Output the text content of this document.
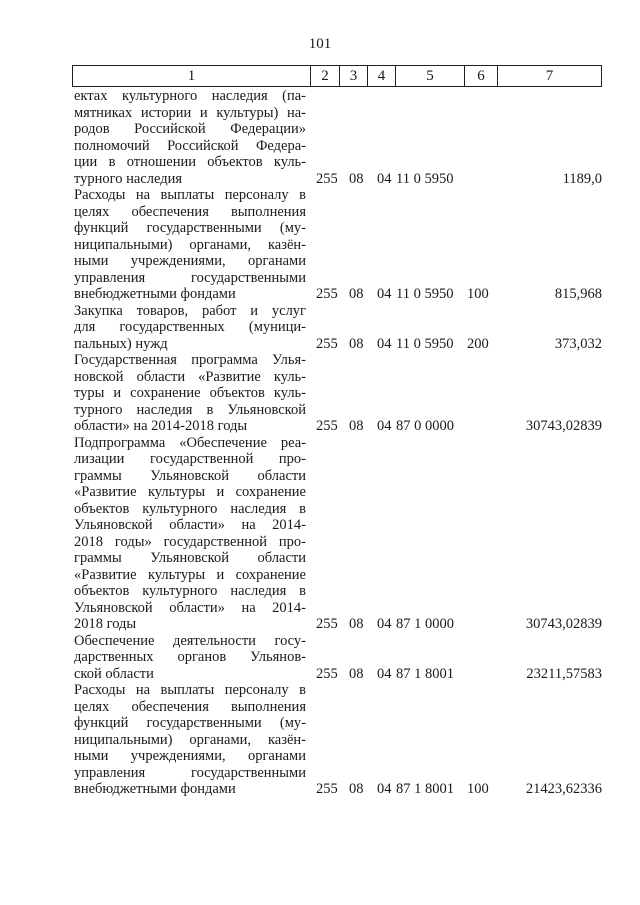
101
1	2	3	4	5	6	7
ектах культурного наследия (па-
мятниках истории и культуры) на-
родов Российской Федерации»
полномочий Российской Федера-
ции в отношении объектов куль-
турного наследия	255 08 04 11 0 5950	1189,0
Расходы на выплаты персоналу в
целях обеспечения выполнения
функций государственными (му-
ниципальными) органами, казён-
ными учреждениями, органами
управления государственными
внебюджетными фондами	255 08 04 11 0 5950 100	815,968
Закупка товаров, работ и услуг
для государственных (муници-
пальных) нужд	255 08 04 11 0 5950 200	373,032
Государственная программа Улья-
новской области «Развитие куль-
туры и сохранение объектов куль-
турного наследия в Ульяновской
области» на 2014-2018 годы	255 08 04 87 0 0000	30743,02839
Подпрограмма «Обеспечение реа-
лизации государственной про-
граммы Ульяновской области
«Развитие культуры и сохранение
объектов культурного наследия в
Ульяновской области» на 2014-
2018 годы» государственной про-
граммы Ульяновской области
«Развитие культуры и сохранение
объектов культурного наследия в
Ульяновской области» на 2014-
2018 годы	255 08 04 87 1 0000	30743,02839
Обеспечение деятельности госу-
дарственных органов Ульянов-
ской области	255 08 04 87 1 8001	23211,57583
Расходы на выплаты персоналу в
целях обеспечения выполнения
функций государственными (му-
ниципальными) органами, казён-
ными учреждениями, органами
управления государственными
внебюджетными фондами	255 08 04 87 1 8001 100	21423,62336
